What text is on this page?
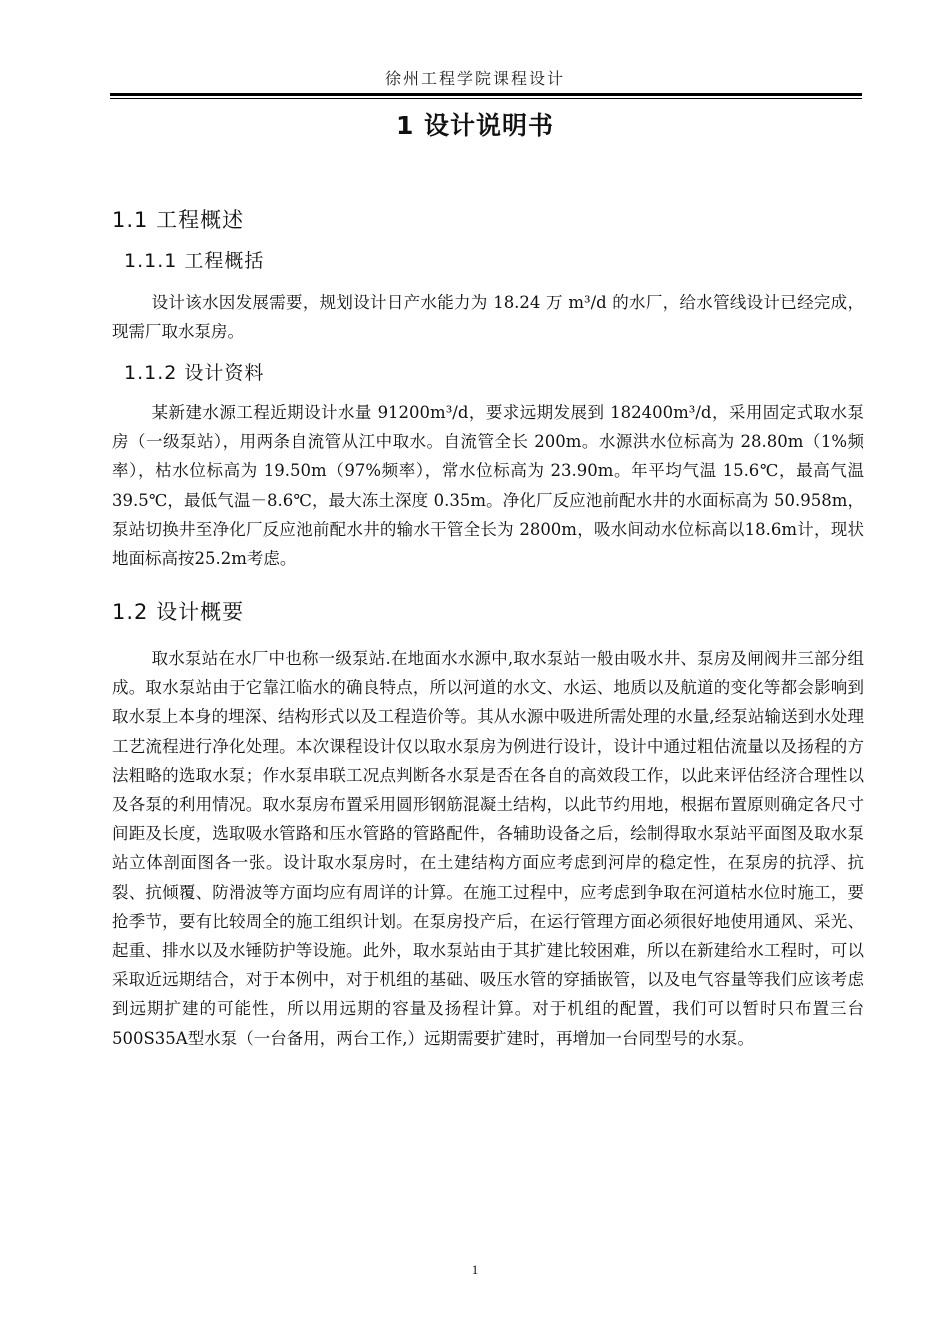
徐州工程学院课程设计
1 设计说明书
1.1 工程概述
1.1.1 工程概括

设计该水因发展需要，规划设计日产水能力为 18.24 万 m³/d 的水厂，给水管线设计已经完成，现需厂取水泵房。

1.1.2 设计资料

某新建水源工程近期设计水量 91200m³/d，要求远期发展到 182400m³/d，采用固定式取水泵房（一级泵站），用两条自流管从江中取水。自流管全长 200m。水源洪水位标高为 28.80m（1%频率），枯水位标高为 19.50m（97%频率），常水位标高为 23.90m。年平均气温 15.6℃，最高气温 39.5℃，最低气温－8.6℃，最大冻土深度 0.35m。净化厂反应池前配水井的水面标高为 50.958m，泵站切换井至净化厂反应池前配水井的输水干管全长为 2800m，吸水间动水位标高以18.6m计，现状地面标高按25.2m考虑。

1.2 设计概要

取水泵站在水厂中也称一级泵站.在地面水水源中,取水泵站一般由吸水井、泵房及闸阀井三部分组成。取水泵站由于它靠江临水的确良特点，所以河道的水文、水运、地质以及航道的变化等都会影响到取水泵上本身的埋深、结构形式以及工程造价等。其从水源中吸进所需处理的水量,经泵站输送到水处理工艺流程进行净化处理。本次课程设计仅以取水泵房为例进行设计，设计中通过粗估流量以及扬程的方法粗略的选取水泵；作水泵串联工况点判断各水泵是否在各自的高效段工作，以此来评估经济合理性以及各泵的利用情况。取水泵房布置采用圆形钢筋混凝土结构，以此节约用地，根据布置原则确定各尺寸间距及长度，选取吸水管路和压水管路的管路配件，各辅助设备之后，绘制得取水泵站平面图及取水泵站立体剖面图各一张。设计取水泵房时，在土建结构方面应考虑到河岸的稳定性，在泵房的抗浮、抗裂、抗倾覆、防滑波等方面均应有周详的计算。在施工过程中，应考虑到争取在河道枯水位时施工，要抢季节，要有比较周全的施工组织计划。在泵房投产后，在运行管理方面必须很好地使用通风、采光、起重、排水以及水锤防护等设施。此外，取水泵站由于其扩建比较困难，所以在新建给水工程时，可以采取近远期结合，对于本例中，对于机组的基础、吸压水管的穿插嵌管，以及电气容量等我们应该考虑到远期扩建的可能性，所以用远期的容量及扬程计算。对于机组的配置，我们可以暂时只布置三台500S35A型水泵（一台备用，两台工作,）远期需要扩建时，再增加一台同型号的水泵。

1
